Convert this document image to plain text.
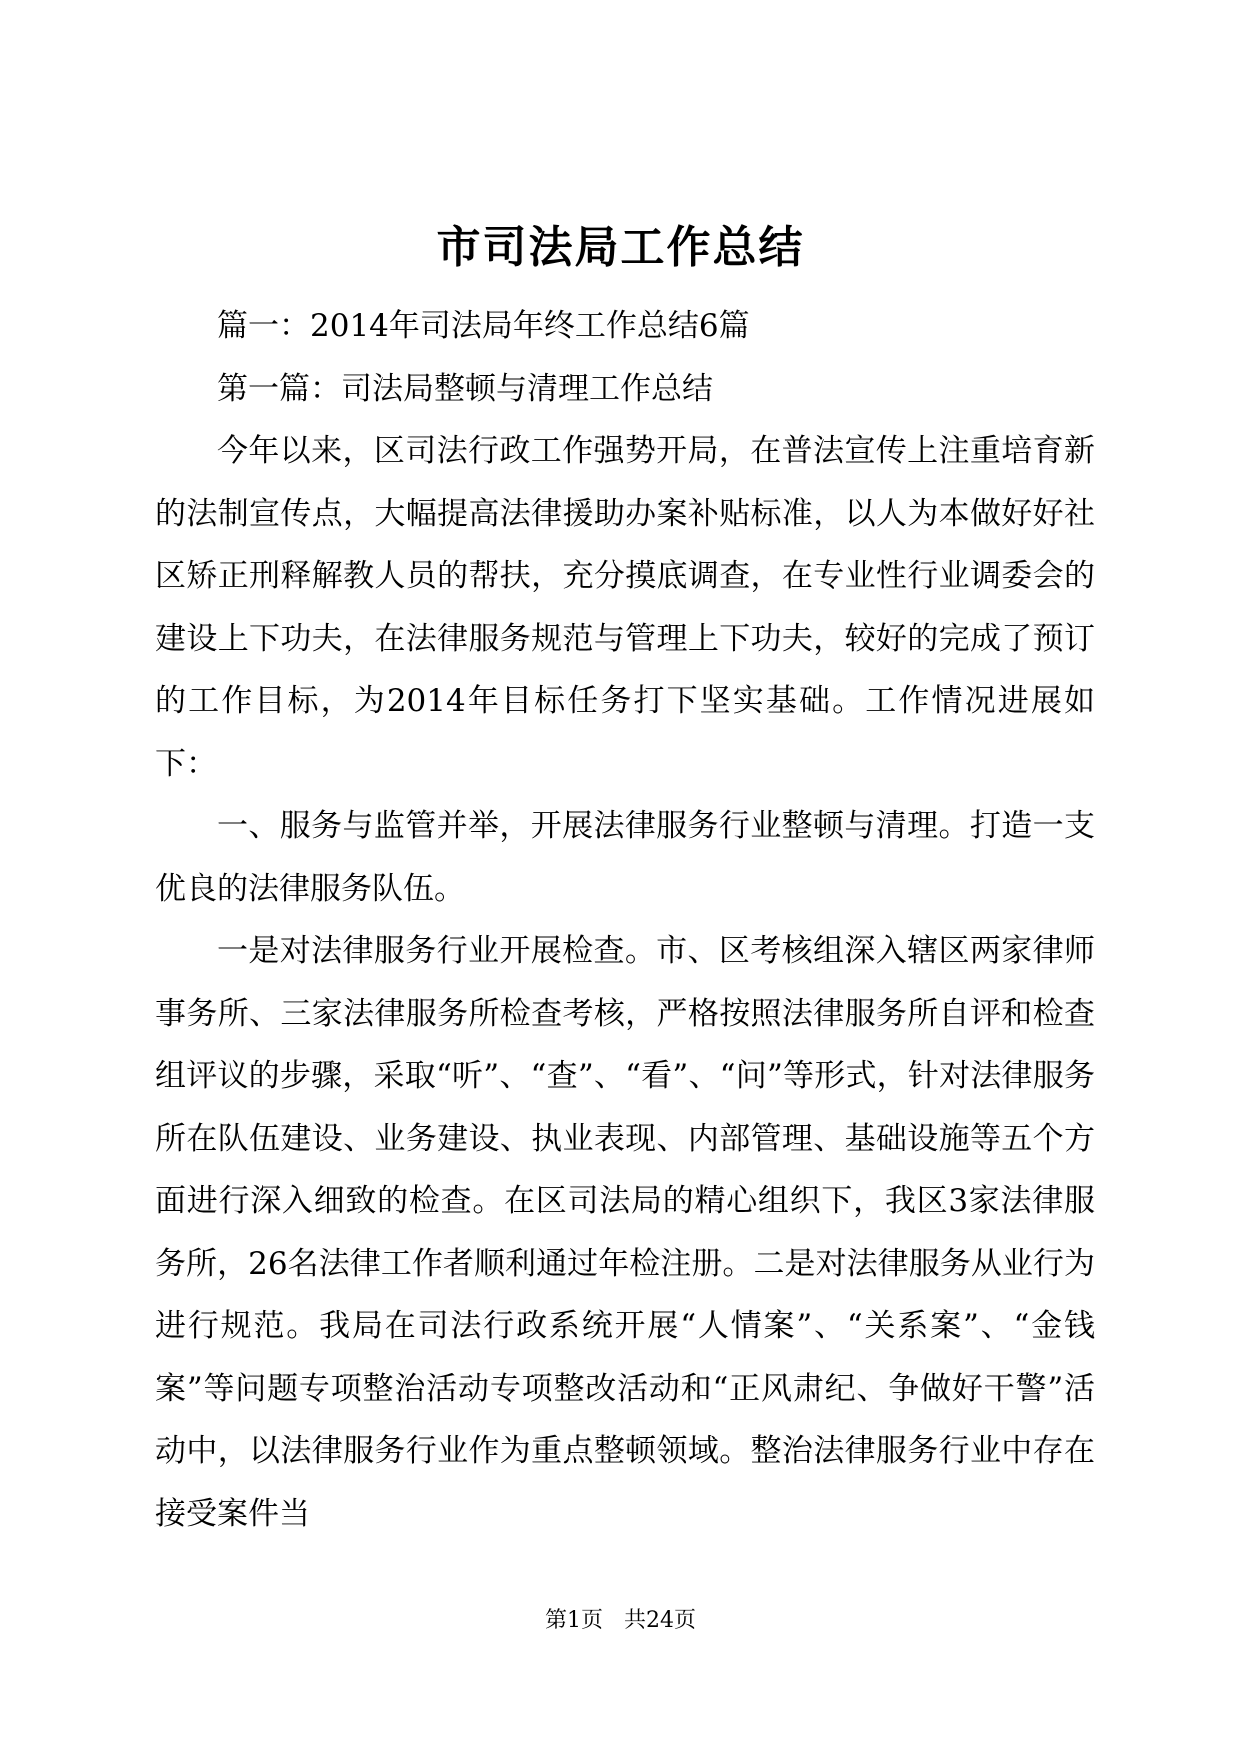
市司法局工作总结

篇一：2014年司法局年终工作总结6篇

第一篇：司法局整顿与清理工作总结

今年以来，区司法行政工作强势开局，在普法宣传上注重培育新的法制宣传点，大幅提高法律援助办案补贴标准，以人为本做好好社区矫正刑释解教人员的帮扶，充分摸底调查，在专业性行业调委会的建设上下功夫，在法律服务规范与管理上下功夫，较好的完成了预订的工作目标，为2014年目标任务打下坚实基础。工作情况进展如下：

一、服务与监管并举，开展法律服务行业整顿与清理。打造一支优良的法律服务队伍。

一是对法律服务行业开展检查。市、区考核组深入辖区两家律师事务所、三家法律服务所检查考核，严格按照法律服务所自评和检查组评议的步骤，采取“听”、“查”、“看”、“问”等形式，针对法律服务所在队伍建设、业务建设、执业表现、内部管理、基础设施等五个方面进行深入细致的检查。在区司法局的精心组织下，我区3家法律服务所，26名法律工作者顺利通过年检注册。二是对法律服务从业行为进行规范。我局在司法行政系统开展“人情案”、“关系案”、“金钱案”等问题专项整治活动专项整改活动和“正风肃纪、争做好干警”活动中，以法律服务行业作为重点整顿领域。整治法律服务行业中存在接受案件当

第1页 共24页
